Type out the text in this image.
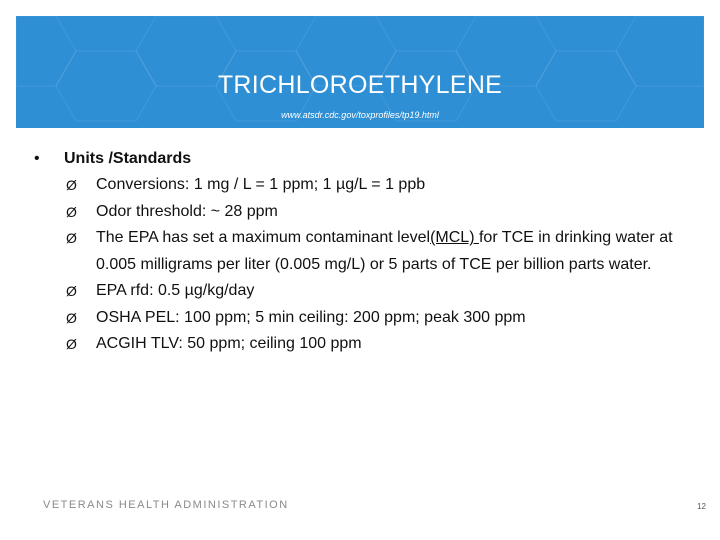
TRICHLOROETHYLENE
www.atsdr.cdc.gov/toxprofiles/tp19.html
•	Units /Standards
Ø	Conversions: 1 mg / L = 1 ppm; 1 µg/L = 1 ppb
Ø	Odor threshold: ~ 28 ppm
Ø	The EPA has set a maximum contaminant level(MCL) for TCE in drinking water at 0.005 milligrams per liter (0.005 mg/L) or 5 parts of TCE per billion parts water.
Ø	EPA rfd: 0.5 µg/kg/day
Ø	OSHA PEL: 100 ppm; 5 min ceiling: 200 ppm; peak 300 ppm
Ø	ACGIH TLV: 50 ppm; ceiling 100 ppm
VETERANS HEALTH ADMINISTRATION	12
